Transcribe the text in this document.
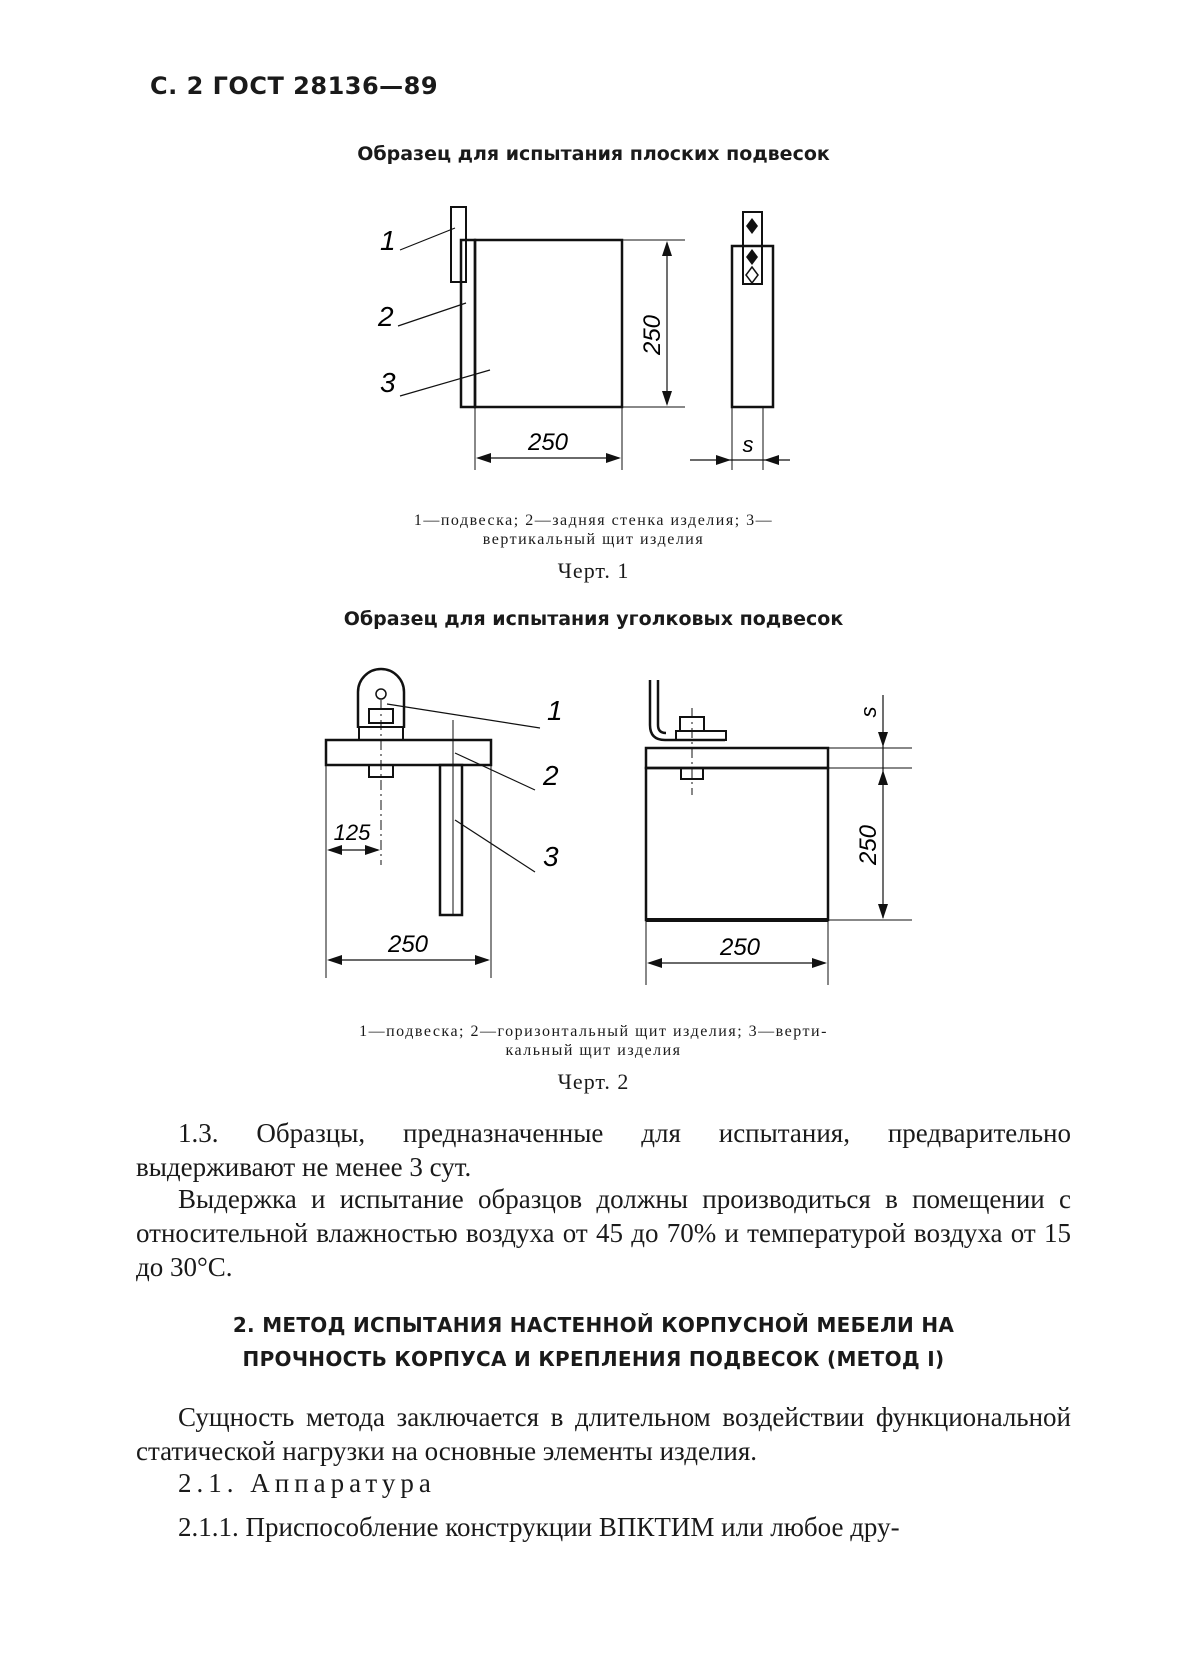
С. 2 ГОСТ 28136—89
Образец для испытания плоских подвесок
1
2
3
250
250	s
1—подвеска; 2—задняя стенка изделия; 3—
вертикальный щит изделия
Черт. 1
Образец для испытания уголковых подвесок
1
2
3
125
250
s
250
250
1—подвеска; 2—горизонтальный щит изделия; 3—верти-
кальный щит изделия
Черт. 2
1.3. Образцы, предназначенные для испытания, предварительно выдерживают не менее 3 сут.
Выдержка и испытание образцов должны производиться в помещении с относительной влажностью воздуха от 45 до 70% и температурой воздуха от 15 до 30°С.
2. МЕТОД ИСПЫТАНИЯ НАСТЕННОЙ КОРПУСНОЙ МЕБЕЛИ НА
ПРОЧНОСТЬ КОРПУСА И КРЕПЛЕНИЯ ПОДВЕСОК (МЕТОД I)
Сущность метода заключается в длительном воздействии функциональной статической нагрузки на основные элементы изделия.
2.1. Аппаратура
2.1.1. Приспособление конструкции ВПКТИМ или любое дру-
